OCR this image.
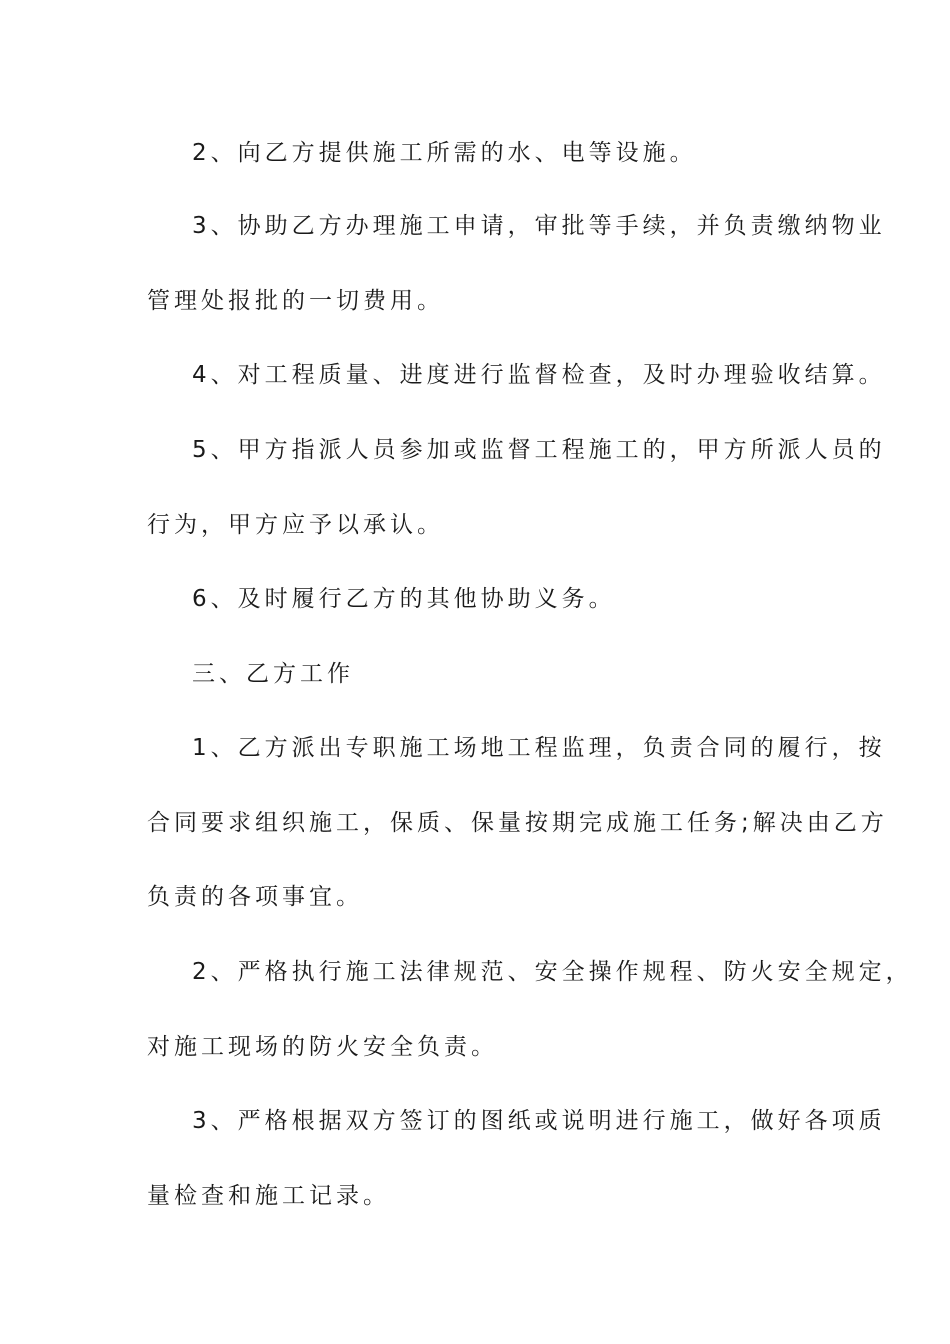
2、向乙方提供施工所需的水、电等设施。
3、协助乙方办理施工申请，审批等手续，并负责缴纳物业
管理处报批的一切费用。
4、对工程质量、进度进行监督检查，及时办理验收结算。
5、甲方指派人员参加或监督工程施工的，甲方所派人员的
行为，甲方应予以承认。
6、及时履行乙方的其他协助义务。
三、乙方工作
1、乙方派出专职施工场地工程监理，负责合同的履行，按
合同要求组织施工，保质、保量按期完成施工任务;解决由乙方
负责的各项事宜。
2、严格执行施工法律规范、安全操作规程、防火安全规定，
对施工现场的防火安全负责。
3、严格根据双方签订的图纸或说明进行施工，做好各项质
量检查和施工记录。
